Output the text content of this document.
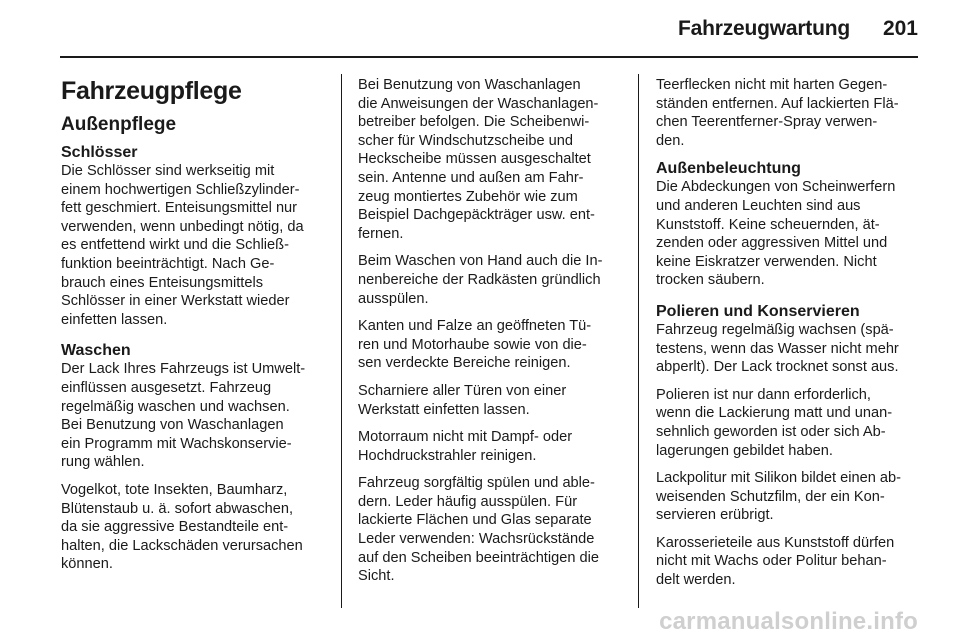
Fahrzeugwartung 201
Fahrzeugpflege
Außenpflege
Schlösser
Die Schlösser sind werkseitig mit
einem hochwertigen Schließzylinder-
fett geschmiert. Enteisungsmittel nur
verwenden, wenn unbedingt nötig, da
es entfettend wirkt und die Schließ-
funktion beeinträchtigt. Nach Ge-
brauch eines Enteisungsmittels
Schlösser in einer Werkstatt wieder
einfetten lassen.
Waschen
Der Lack Ihres Fahrzeugs ist Umwelt-
einflüssen ausgesetzt. Fahrzeug
regelmäßig waschen und wachsen.
Bei Benutzung von Waschanlagen
ein Programm mit Wachskonservie-
rung wählen.
Vogelkot, tote Insekten, Baumharz,
Blütenstaub u. ä. sofort abwaschen,
da sie aggressive Bestandteile ent-
halten, die Lackschäden verursachen
können.
Bei Benutzung von Waschanlagen
die Anweisungen der Waschanlagen-
betreiber befolgen. Die Scheibenwi-
scher für Windschutzscheibe und
Heckscheibe müssen ausgeschaltet
sein. Antenne und außen am Fahr-
zeug montiertes Zubehör wie zum
Beispiel Dachgepäckträger usw. ent-
fernen.
Beim Waschen von Hand auch die In-
nenbereiche der Radkästen gründlich
ausspülen.
Kanten und Falze an geöffneten Tü-
ren und Motorhaube sowie von die-
sen verdeckte Bereiche reinigen.
Scharniere aller Türen von einer
Werkstatt einfetten lassen.
Motorraum nicht mit Dampf- oder
Hochdruckstrahler reinigen.
Fahrzeug sorgfältig spülen und able-
dern. Leder häufig ausspülen. Für
lackierte Flächen und Glas separate
Leder verwenden: Wachsrückstände
auf den Scheiben beeinträchtigen die
Sicht.
Teerflecken nicht mit harten Gegen-
ständen entfernen. Auf lackierten Flä-
chen Teerentferner-Spray verwen-
den.
Außenbeleuchtung
Die Abdeckungen von Scheinwerfern
und anderen Leuchten sind aus
Kunststoff. Keine scheuernden, ät-
zenden oder aggressiven Mittel und
keine Eiskratzer verwenden. Nicht
trocken säubern.
Polieren und Konservieren
Fahrzeug regelmäßig wachsen (spä-
testens, wenn das Wasser nicht mehr
abperlt). Der Lack trocknet sonst aus.
Polieren ist nur dann erforderlich,
wenn die Lackierung matt und unan-
sehnlich geworden ist oder sich Ab-
lagerungen gebildet haben.
Lackpolitur mit Silikon bildet einen ab-
weisenden Schutzfilm, der ein Kon-
servieren erübrigt.
Karosserieteile aus Kunststoff dürfen
nicht mit Wachs oder Politur behan-
delt werden.
carmanualsonline.info
